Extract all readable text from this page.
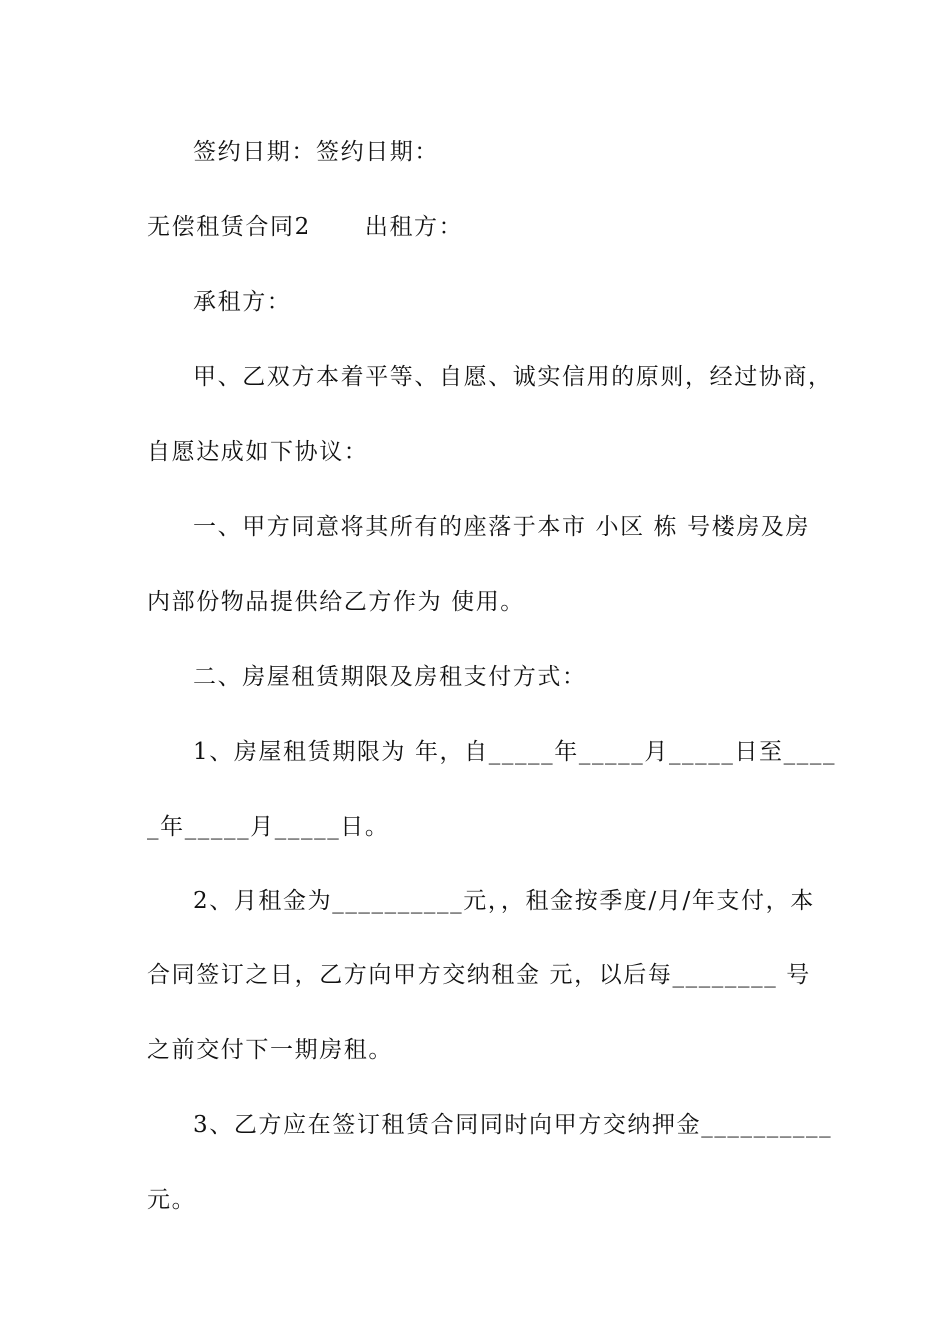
签约日期：签约日期：
无偿租赁合同2 出租方：
承租方：
甲、乙双方本着平等、自愿、诚实信用的原则，经过协商，
自愿达成如下协议：
一、甲方同意将其所有的座落于本市 小区 栋 号楼房及房
内部份物品提供给乙方作为 使用。
二、房屋租赁期限及房租支付方式：
1、房屋租赁期限为 年，自_____年_____月_____日至____
_年_____月_____日。
2、月租金为__________元，，租金按季度/月/年支付，本
合同签订之日，乙方向甲方交纳租金 元，以后每________ 号
之前交付下一期房租。
3、乙方应在签订租赁合同同时向甲方交纳押金__________
元。
